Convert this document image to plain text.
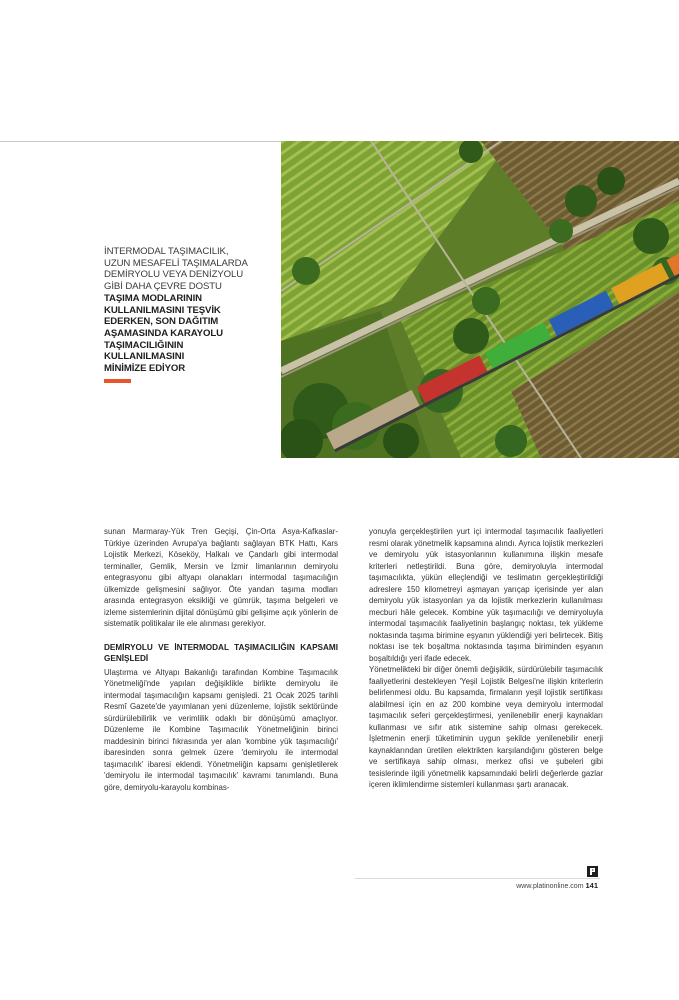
İNTERMODAL TAŞIMACILIK,
UZUN MESAFELİ TAŞIMALARDA
DEMİRYOLU VEYA DENİZYOLU
GİBİ DAHA ÇEVRE DOSTU
TAŞIMA MODLARININ
KULLANILMASINI TEŞVİK
EDERKEN, SON DAĞITIM
AŞAMASINDA KARAYOLU
TAŞIMACILIĞININ
KULLANILMASINI
MİNİMİZE EDİYOR

sunan Marmaray-Yük Tren Geçişi, Çin-Orta Asya-Kafkaslar-Türkiye üzerinden Avrupa'ya bağlantı sağlayan BTK Hattı, Kars Lojistik Merkezi, Köseköy, Halkalı ve Çandarlı gibi intermodal terminaller, Gemlik, Mersin ve İzmir limanlarının demiryolu entegrasyonu gibi altyapı olanakları intermodal taşımacılığın ülkemizde gelişmesini sağlıyor. Öte yandan taşıma modları arasında entegrasyon eksikliği ve gümrük, taşıma belgeleri ve izleme sistemlerinin dijital dönüşümü gibi gelişime açık yönlerin de sistematik politikalar ile ele alınması gerekiyor.

DEMİRYOLU VE İNTERMODAL TAŞIMACILIĞIN KAPSAMI GENİŞLEDİ

Ulaştırma ve Altyapı Bakanlığı tarafından Kombine Taşımacılık Yönetmeliği'nde yapılan değişiklikle birlikte demiryolu ile intermodal taşımacılığın kapsamı genişledi. 21 Ocak 2025 tarihli Resmî Gazete'de yayımlanan yeni düzenleme, lojistik sektöründe sürdürülebilirlik ve verimlilik odaklı bir dönüşümü amaçlıyor. Düzenleme ile Kombine Taşımacılık Yönetmeliğinin birinci maddesinin birinci fıkrasında yer alan 'kombine yük taşımacılığı' ibaresinden sonra gelmek üzere 'demiryolu ile intermodal taşımacılık' ibaresi eklendi. Yönetmeliğin kapsamı genişletilerek 'demiryolu ile intermodal taşımacılık' kavramı tanımlandı. Buna göre, demiryolu-karayolu kombinas-

yonuyla gerçekleştirilen yurt içi intermodal taşımacılık faaliyetleri resmi olarak yönetmelik kapsamına alındı. Ayrıca lojistik merkezleri ve demiryolu yük istasyonlarının kullanımına ilişkin mesafe kriterleri netleştirildi. Buna göre, demiryoluyla intermodal taşımacılıkta, yükün elleçlendiği ve teslimatın gerçekleştirildiği adreslere 150 kilometreyi aşmayan yarıçap içerisinde yer alan demiryolu yük istasyonları ya da lojistik merkezlerin kullanılması mecburi hâle gelecek. Kombine yük taşımacılığı ve demiryoluyla intermodal taşımacılık faaliyetinin başlangıç noktası, tek yükleme noktasında taşıma birimine eşyanın yüklendiği yeri belirtecek. Bitiş noktası ise tek boşaltma noktasında taşıma biriminden eşyanın boşaltıldığı yeri ifade edecek.

Yönetmelikteki bir diğer önemli değişiklik, sürdürülebilir taşımacılık faaliyetlerini destekleyen 'Yeşil Lojistik Belgesi'ne ilişkin kriterlerin belirlenmesi oldu. Bu kapsamda, firmaların yeşil lojistik sertifikası alabilmesi için en az 200 kombine veya demiryolu intermodal taşımacılık seferi gerçekleştirmesi, yenilenebilir enerji kaynakları kullanması ve sıfır atık sistemine sahip olması gerekecek. İşletmenin enerji tüketiminin uygun şekilde yenilenebilir enerji kaynaklarından üretilen elektrikten karşılandığını gösteren belge ve sertifikaya sahip olması, merkez ofisi ve şubeleri gibi tesislerinde ilgili yönetmelik kapsamındaki belirli değerlerde gazlar içeren iklimlendirme sistemleri kullanması şartı aranacak.

www.platinonline.com 141
